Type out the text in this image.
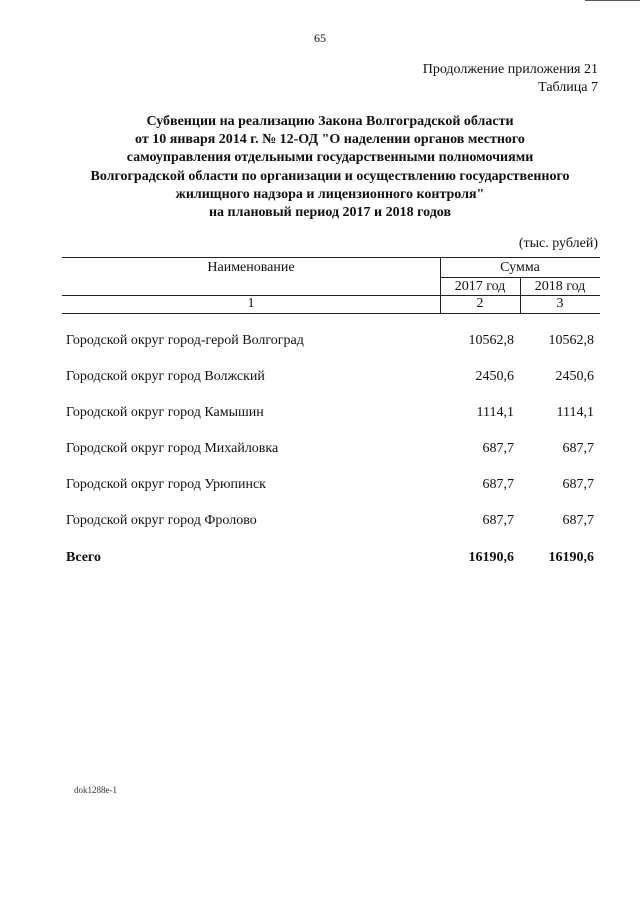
65
Продолжение приложения 21
Таблица 7
Субвенции на реализацию Закона Волгоградской области
от 10 января 2014 г. № 12-ОД "О наделении органов местного
самоуправления отдельными государственными полномочиями
Волгоградской области по организации и осуществлению государственного
жилищного надзора и лицензионного контроля"
на плановый период 2017 и 2018 годов
(тыс. рублей)
Наименование	Сумма
2017 год	2018 год
1	2	3
Городской округ город-герой Волгоград	10562,8 10562,8
Городской округ город Волжский	2450,6	2450,6
Городской округ город Камышин	1114,1	1114,1
Городской округ город Михайловка	687,7	687,7
Городской округ город Урюпинск	687,7	687,7
Городской округ город Фролово	687,7	687,7
Всего	16190,6 16190,6
dok1288e-1
